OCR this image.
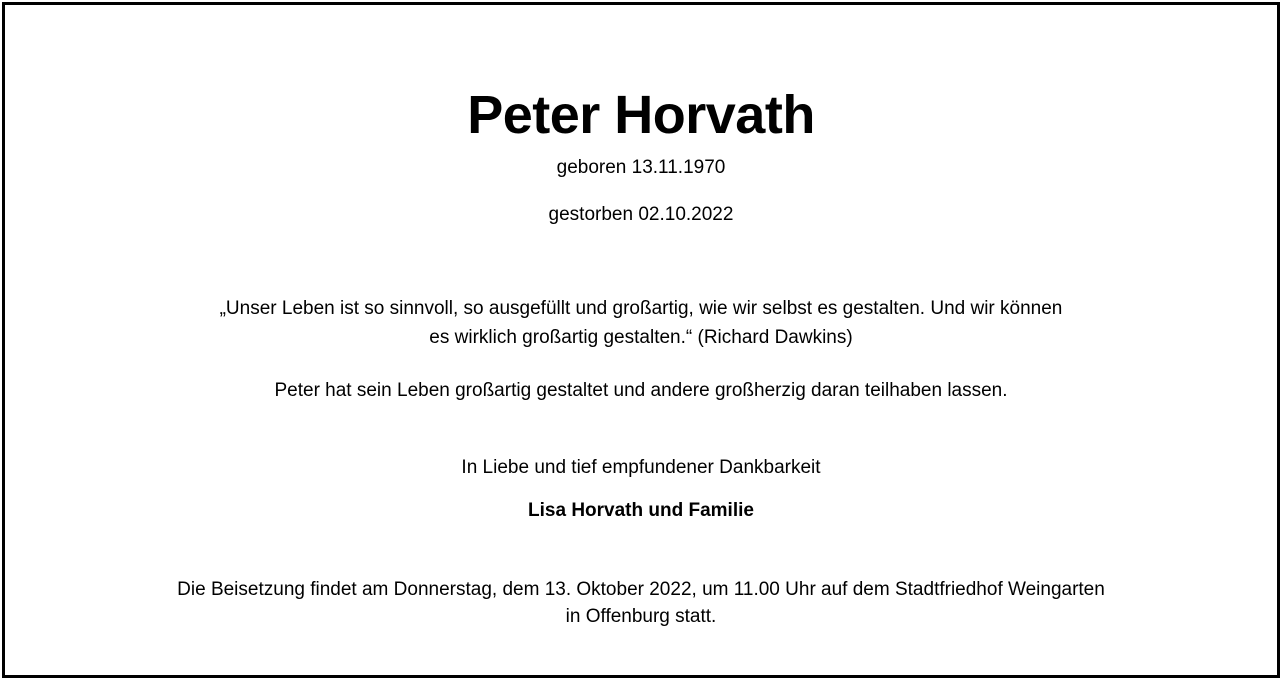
Peter Horvath
geboren 13.11.1970
gestorben 02.10.2022
„Unser Leben ist so sinnvoll, so ausgefüllt und großartig, wie wir selbst es gestalten. Und wir können
es wirklich großartig gestalten.“ (Richard Dawkins)
Peter hat sein Leben großartig gestaltet und andere großherzig daran teilhaben lassen.
In Liebe und tief empfundener Dankbarkeit
Lisa Horvath und Familie
Die Beisetzung findet am Donnerstag, dem 13. Oktober 2022, um 11.00 Uhr auf dem Stadtfriedhof Weingarten
in Offenburg statt.
